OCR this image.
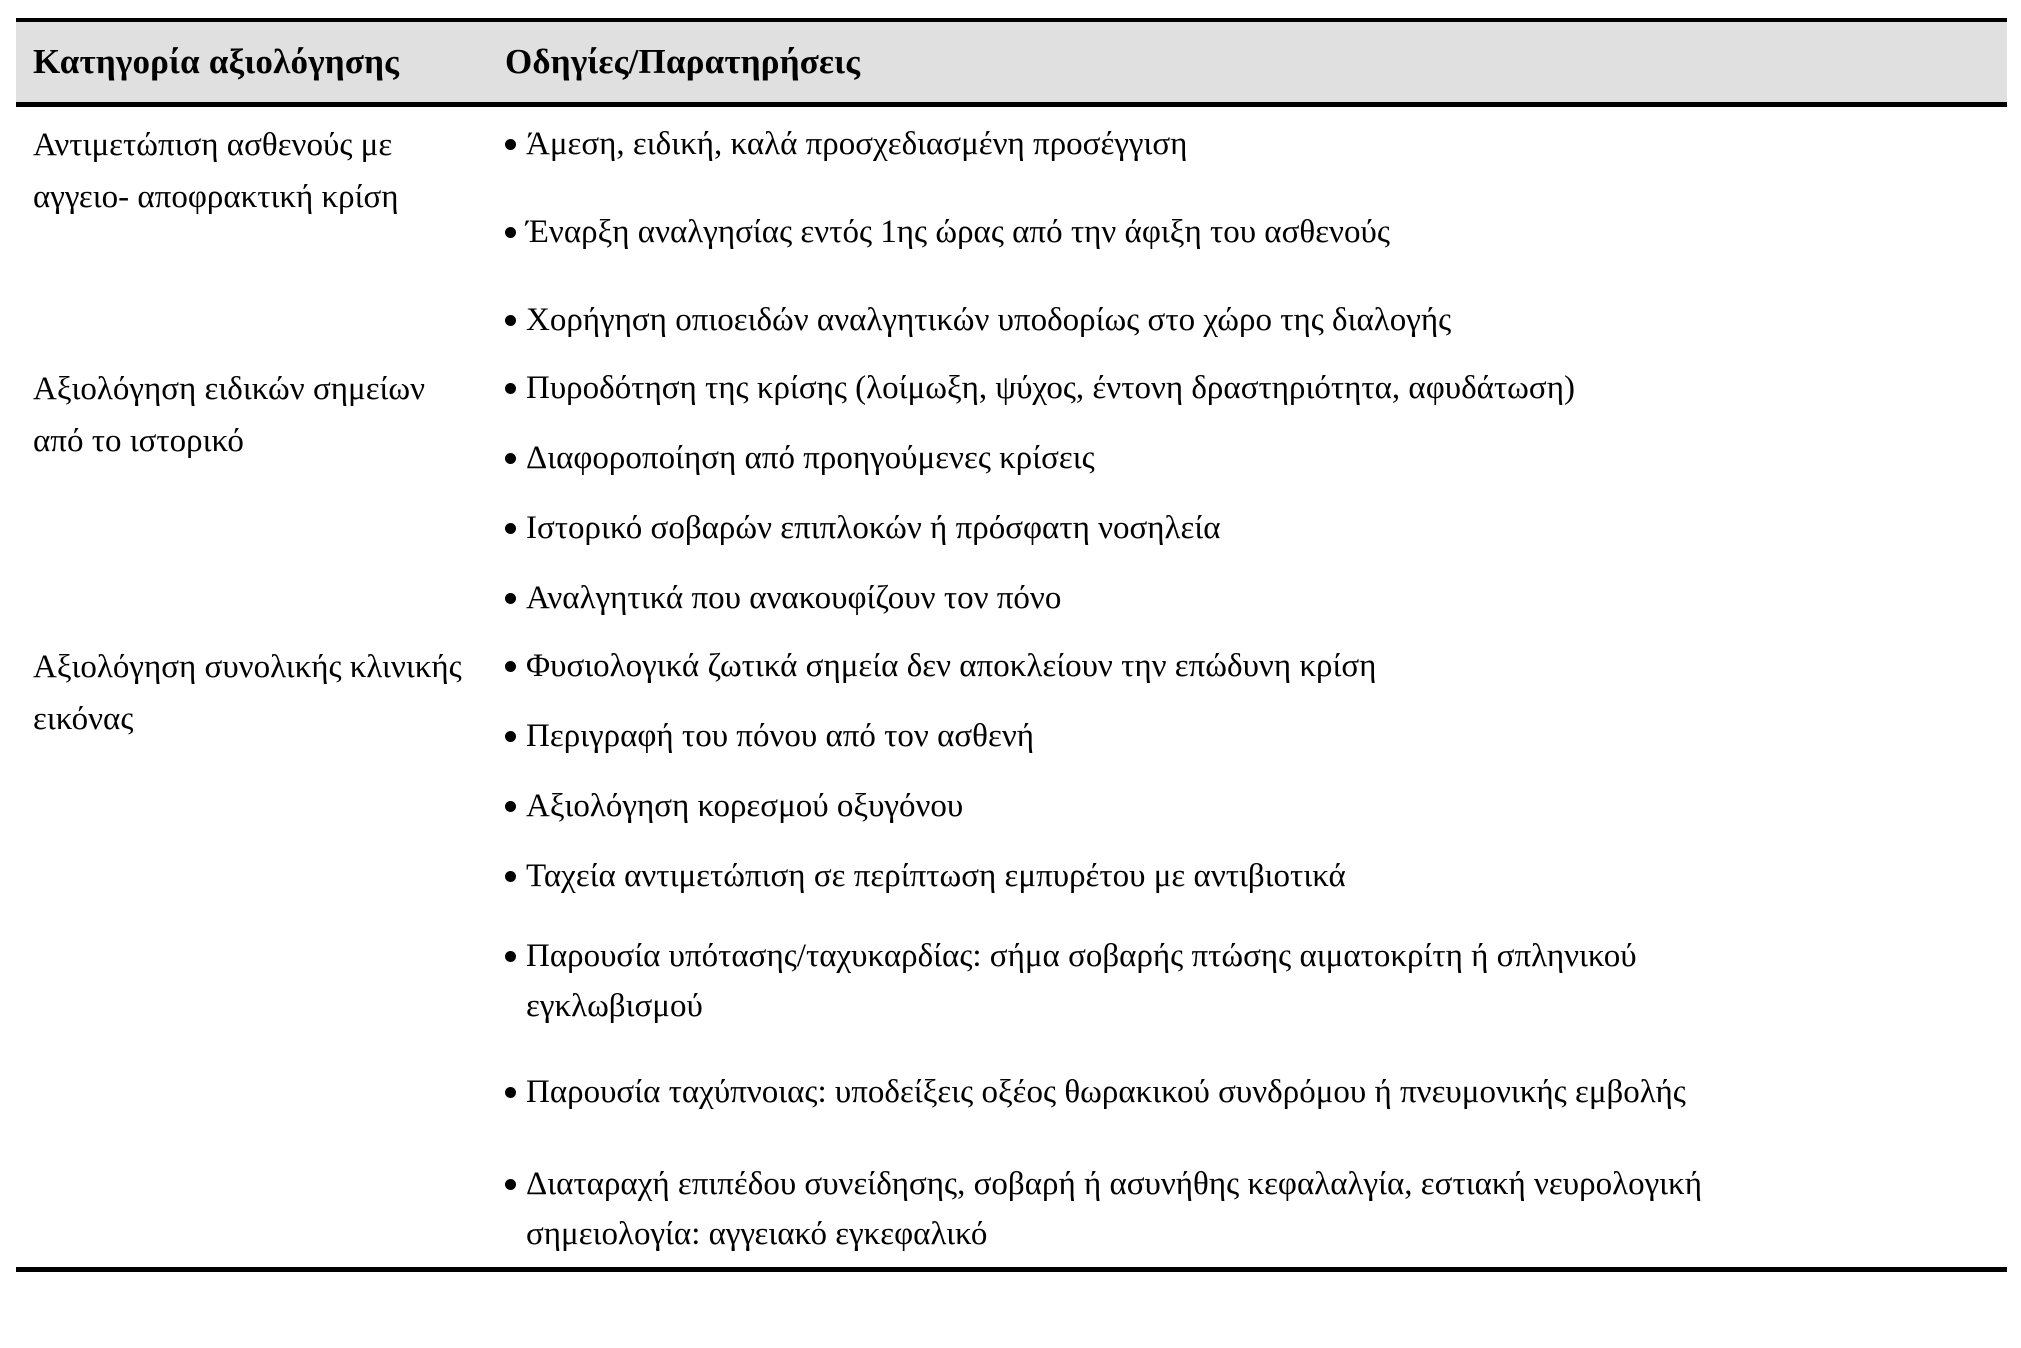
Κατηγορία αξιολόγησης	Οδηγίες/Παρατηρήσεις
Αντιμετώπιση ασθενούς με αγγειο- αποφρακτική κρίση
Άμεση, ειδική, καλά προσχεδιασμένη προσέγγιση
Έναρξη αναλγησίας εντός 1ης ώρας από την άφιξη του ασθενούς
Χορήγηση οπιοειδών αναλγητικών υποδορίως στο χώρο της διαλογής
Αξιολόγηση ειδικών σημείων από το ιστορικό
Πυροδότηση της κρίσης (λοίμωξη, ψύχος, έντονη δραστηριότητα, αφυδάτωση)
Διαφοροποίηση από προηγούμενες κρίσεις
Ιστορικό σοβαρών επιπλοκών ή πρόσφατη νοσηλεία
Αναλγητικά που ανακουφίζουν τον πόνο
Αξιολόγηση συνολικής κλινικής εικόνας
Φυσιολογικά ζωτικά σημεία δεν αποκλείουν την επώδυνη κρίση
Περιγραφή του πόνου από τον ασθενή
Αξιολόγηση κορεσμού οξυγόνου
Ταχεία αντιμετώπιση σε περίπτωση εμπυρέτου με αντιβιοτικά
Παρουσία υπότασης/ταχυκαρδίας: σήμα σοβαρής πτώσης αιματοκρίτη ή σπληνικού εγκλωβισμού
Παρουσία ταχύπνοιας: υποδείξεις οξέος θωρακικού συνδρόμου ή πνευμονικής εμβολής
Διαταραχή επιπέδου συνείδησης, σοβαρή ή ασυνήθης κεφαλαλγία, εστιακή νευρολογική σημειολογία: αγγειακό εγκεφαλικό
